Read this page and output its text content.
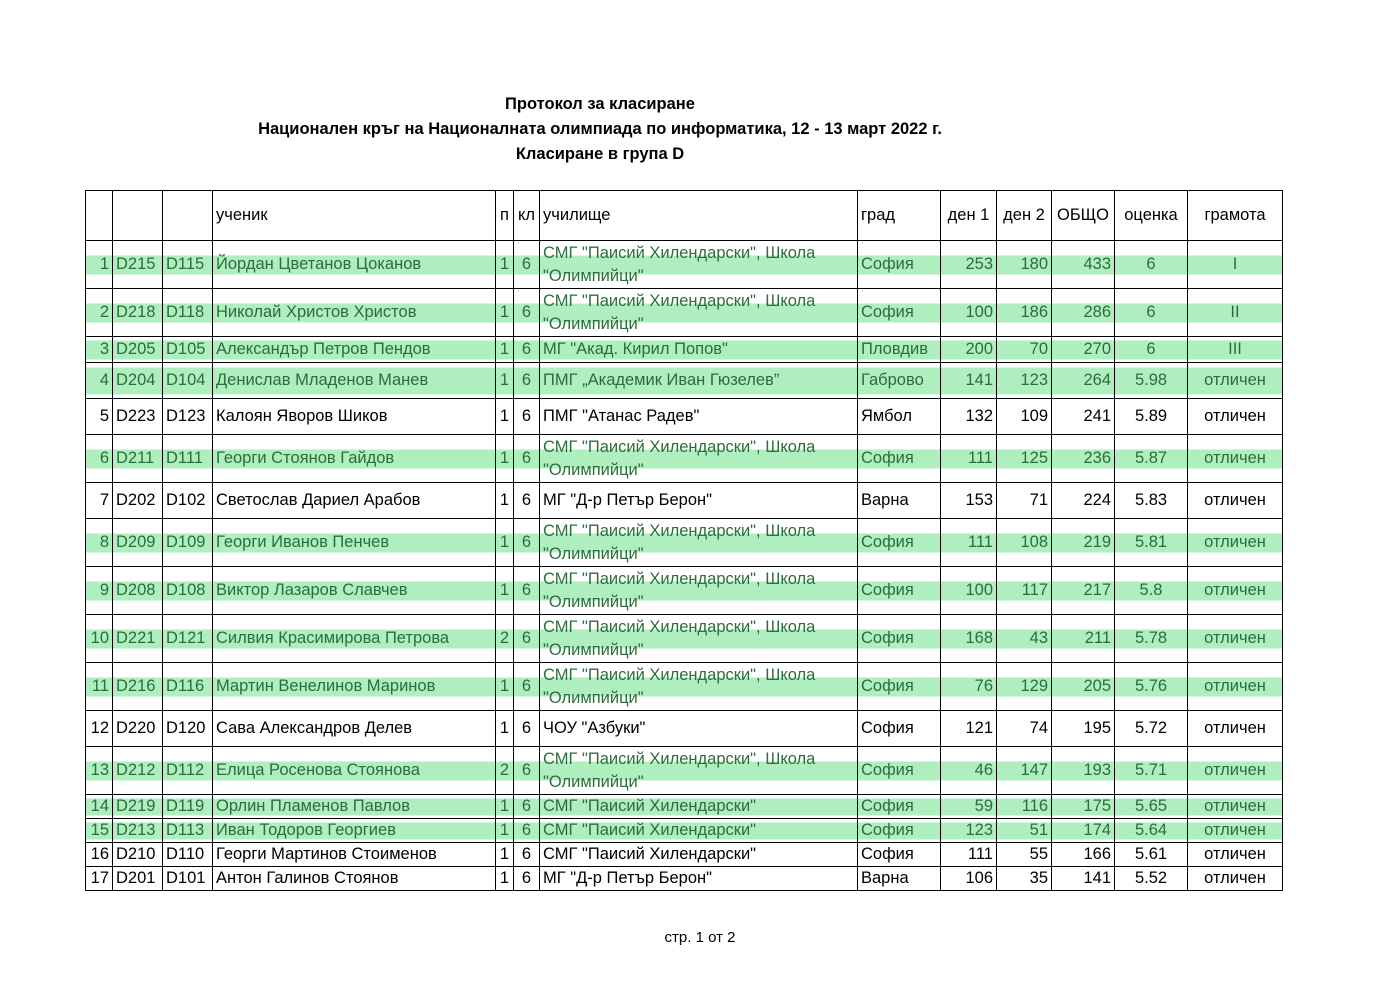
Протокол за класиране
Национален кръг на Националната олимпиада по информатика, 12 - 13 март 2022 г.
Класиране в група D
			ученик	п	кл	училище	град	ден 1	ден 2	ОБЩО	оценка	грамота
1	D215	D115	Йордан Цветанов Цоканов	1	6	СМГ "Паисий Хилендарски", Школа "Олимпийци"	София	253	180	433	6	I
2	D218	D118	Николай Христов Христов	1	6	СМГ "Паисий Хилендарски", Школа "Олимпийци"	София	100	186	286	6	II
3	D205	D105	Александър Петров Пендов	1	6	МГ "Акад. Кирил Попов"	Пловдив	200	70	270	6	III
4	D204	D104	Денислав Младенов Манев	1	6	ПМГ „Академик Иван Гюзелев”	Габрово	141	123	264	5.98	отличен
5	D223	D123	Калоян Яворов Шиков	1	6	ПМГ "Атанас Радев"	Ямбол	132	109	241	5.89	отличен
6	D211	D111	Георги Стоянов Гайдов	1	6	СМГ "Паисий Хилендарски", Школа "Олимпийци"	София	111	125	236	5.87	отличен
7	D202	D102	Светослав Дариел Арабов	1	6	МГ "Д-р Петър Берон"	Варна	153	71	224	5.83	отличен
8	D209	D109	Георги Иванов Пенчев	1	6	СМГ "Паисий Хилендарски", Школа "Олимпийци"	София	111	108	219	5.81	отличен
9	D208	D108	Виктор Лазаров Славчев	1	6	СМГ "Паисий Хилендарски", Школа "Олимпийци"	София	100	117	217	5.8	отличен
10	D221	D121	Силвия Красимирова Петрова	2	6	СМГ "Паисий Хилендарски", Школа "Олимпийци"	София	168	43	211	5.78	отличен
11	D216	D116	Мартин Венелинов Маринов	1	6	СМГ "Паисий Хилендарски", Школа "Олимпийци"	София	76	129	205	5.76	отличен
12	D220	D120	Сава Александров Делев	1	6	ЧОУ "Азбуки"	София	121	74	195	5.72	отличен
13	D212	D112	Елица Росенова Стоянова	2	6	СМГ "Паисий Хилендарски", Школа "Олимпийци"	София	46	147	193	5.71	отличен
14	D219	D119	Орлин Пламенов Павлов	1	6	СМГ "Паисий Хилендарски"	София	59	116	175	5.65	отличен
15	D213	D113	Иван Тодоров Георгиев	1	6	СМГ "Паисий Хилендарски"	София	123	51	174	5.64	отличен
16	D210	D110	Георги Мартинов Стоименов	1	6	СМГ "Паисий Хилендарски"	София	111	55	166	5.61	отличен
17	D201	D101	Антон Галинов Стоянов	1	6	МГ "Д-р Петър Берон"	Варна	106	35	141	5.52	отличен
стр. 1 от 2
